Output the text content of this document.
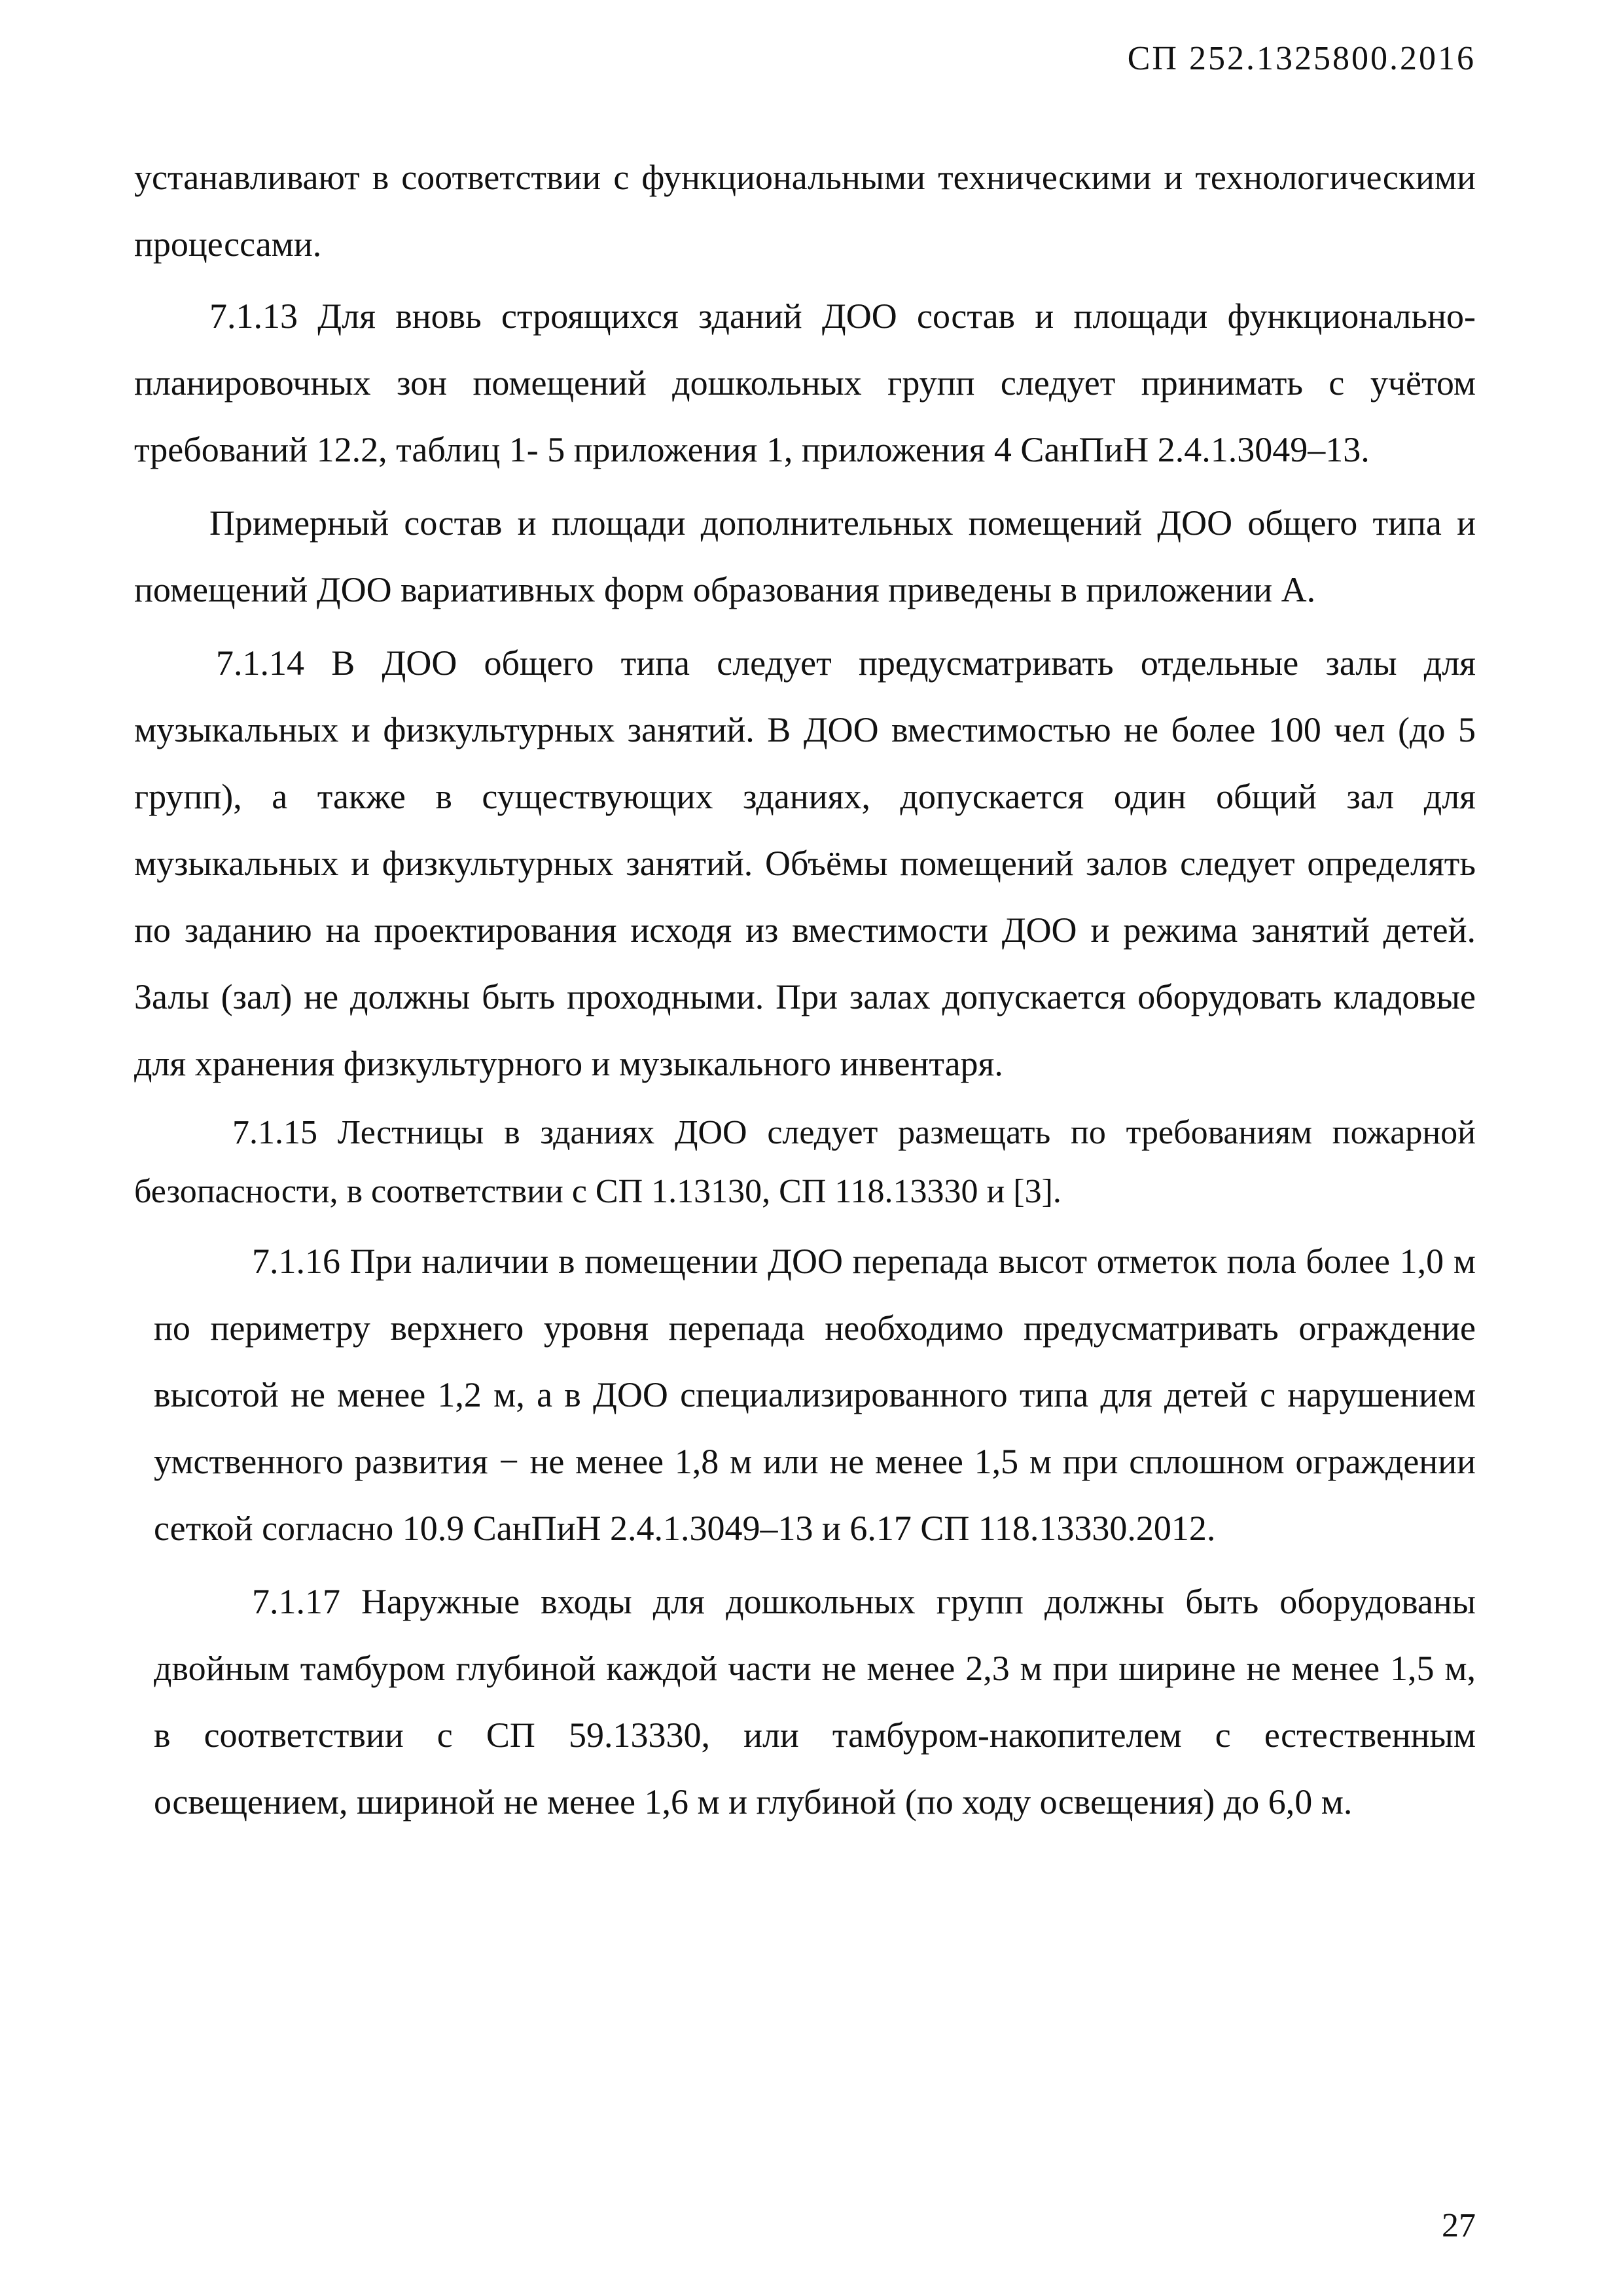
СП 252.1325800.2016

устанавливают в соответствии с функциональными техническими и технологическими процессами.

7.1.13 Для вновь строящихся зданий ДОО состав и площади функционально-планировочных зон помещений дошкольных групп следует принимать с учётом требований 12.2, таблиц 1- 5 приложения 1, приложения 4 СанПиН 2.4.1.3049–13.

Примерный состав и площади дополнительных помещений ДОО общего типа и помещений ДОО вариативных форм образования приведены в приложении А.

7.1.14 В ДОО общего типа следует предусматривать отдельные залы для музыкальных и физкультурных занятий. В ДОО вместимостью не более 100 чел (до 5 групп), а также в существующих зданиях, допускается один общий зал для музыкальных и физкультурных занятий. Объёмы помещений залов следует определять по заданию на проектирования исходя из вместимости ДОО и режима занятий детей. Залы (зал) не должны быть проходными. При залах допускается оборудовать кладовые для хранения физкультурного и музыкального инвентаря.

7.1.15 Лестницы в зданиях ДОО следует размещать по требованиям пожарной безопасности, в соответствии с СП 1.13130, СП 118.13330 и [3].

7.1.16 При наличии в помещении ДОО перепада высот отметок пола более 1,0 м по периметру верхнего уровня перепада необходимо предусматривать ограждение высотой не менее 1,2 м, а в ДОО специализированного типа для детей с нарушением умственного развития − не менее 1,8 м или не менее 1,5 м при сплошном ограждении сеткой согласно 10.9 СанПиН 2.4.1.3049–13 и 6.17 СП 118.13330.2012.

7.1.17 Наружные входы для дошкольных групп должны быть оборудованы двойным тамбуром глубиной каждой части не менее 2,3 м при ширине не менее 1,5 м, в соответствии с СП 59.13330, или тамбуром-накопителем с естественным освещением, шириной не менее 1,6 м и глубиной (по ходу освещения) до 6,0 м.

27
